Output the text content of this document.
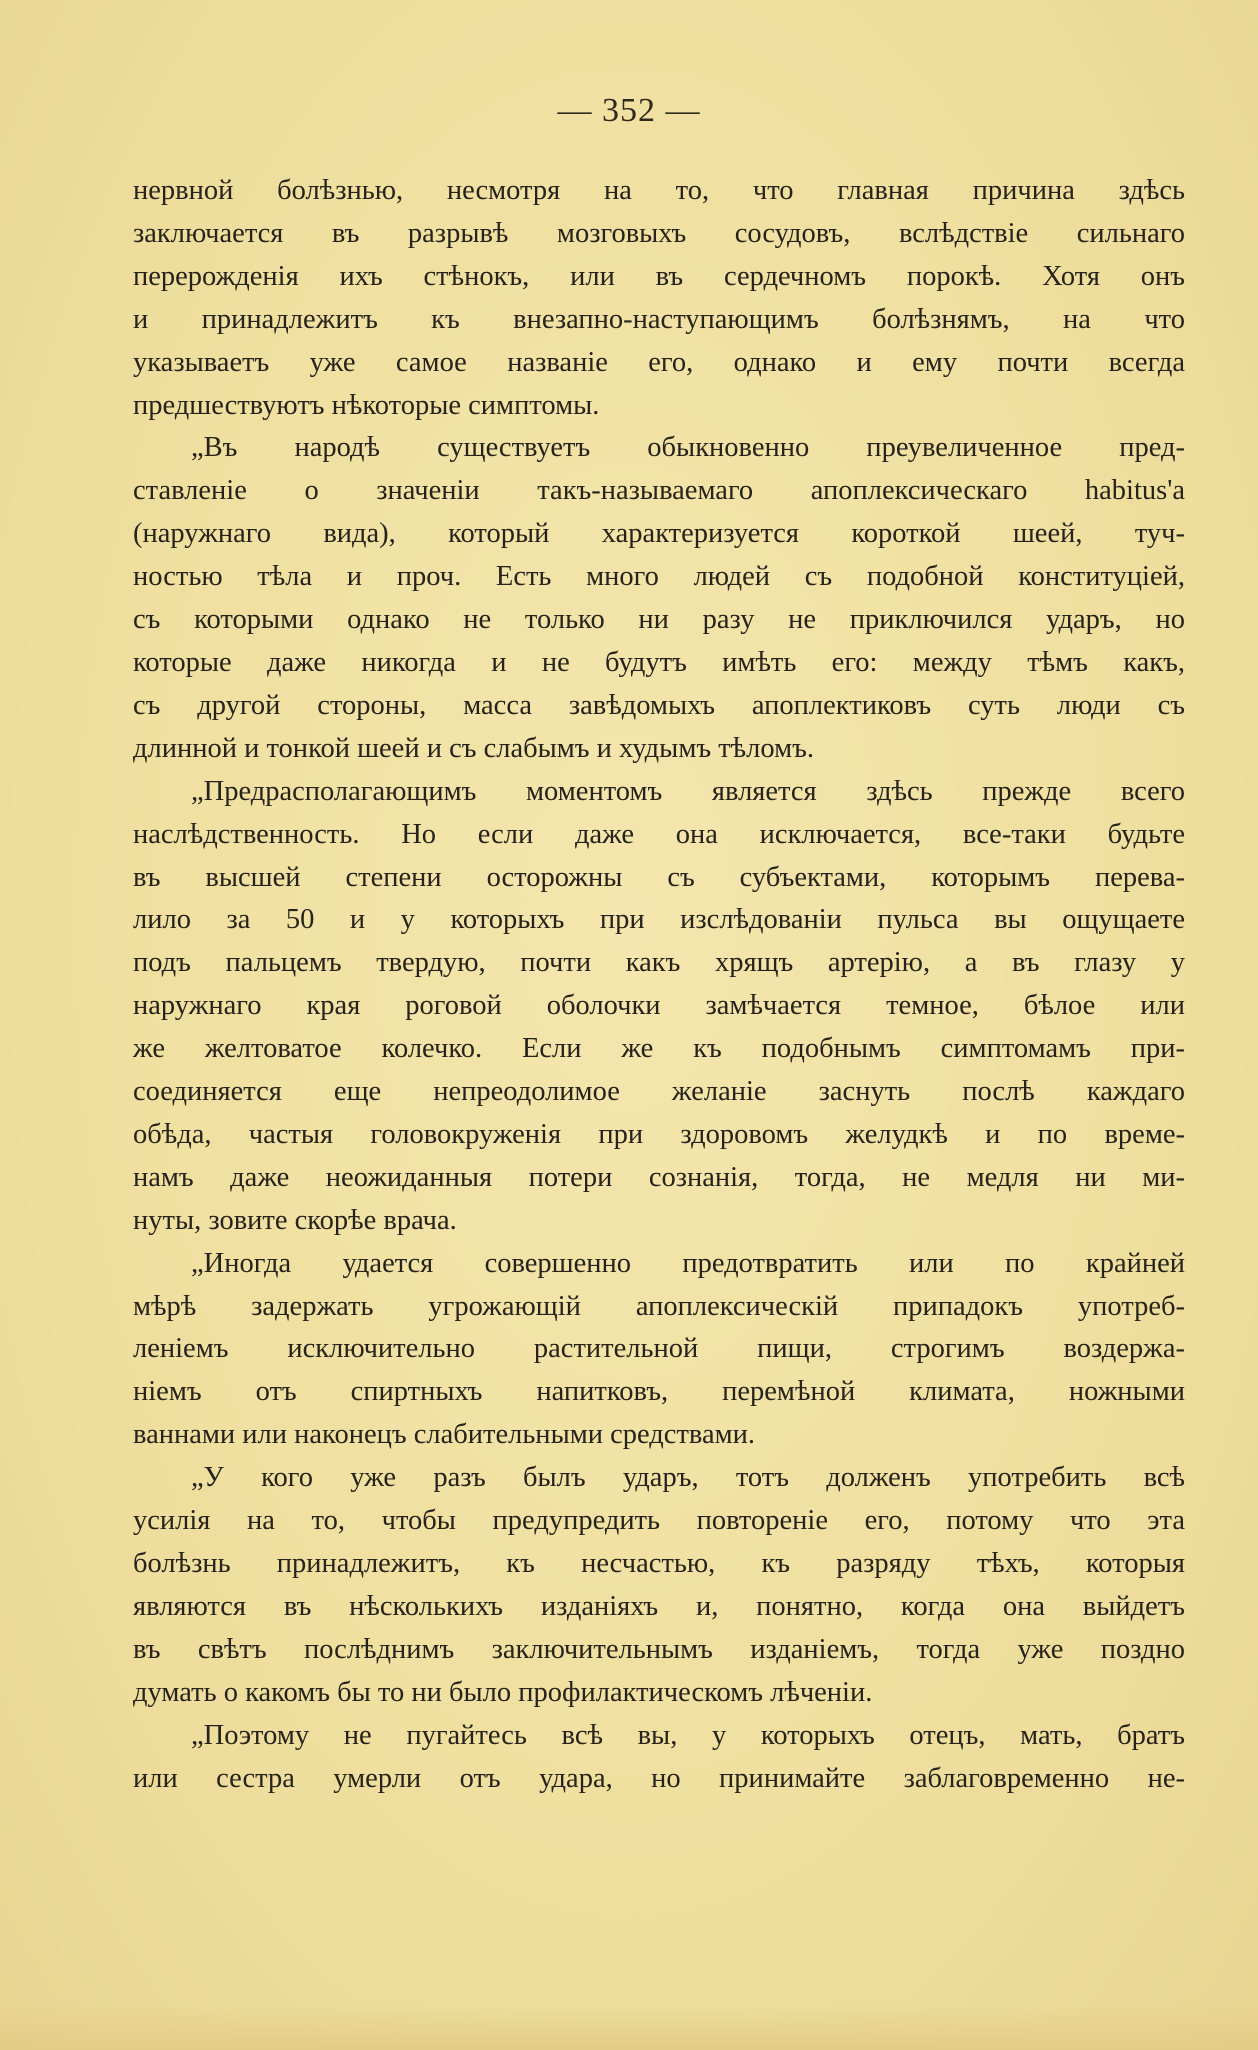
— 352 —
нервной болѣзнью, несмотря на то, что главная причина здѣсь
заключается въ разрывѣ мозговыхъ сосудовъ, вслѣдствіе сильнаго
перерожденія ихъ стѣнокъ, или въ сердечномъ порокѣ. Хотя онъ
и принадлежитъ къ внезапно-наступающимъ болѣзнямъ, на что
указываетъ уже самое названіе его, однако и ему почти всегда
предшествуютъ нѣкоторые симптомы.
„Въ народѣ существуетъ обыкновенно преувеличенное пред-
ставленіе о значеніи такъ-называемаго апоплексическаго habitus'а
(наружнаго вида), который характеризуется короткой шеей, туч-
ностью тѣла и проч. Есть много людей съ подобной конституціей,
съ которыми однако не только ни разу не приключился ударъ, но
которые даже никогда и не будутъ имѣть его: между тѣмъ какъ,
съ другой стороны, масса завѣдомыхъ апоплектиковъ суть люди съ
длинной и тонкой шеей и съ слабымъ и худымъ тѣломъ.
„Предрасполагающимъ моментомъ является здѣсь прежде всего
наслѣдственность. Но если даже она исключается, все-таки будьте
въ высшей степени осторожны съ субъектами, которымъ перева-
лило за 50 и у которыхъ при изслѣдованіи пульса вы ощущаете
подъ пальцемъ твердую, почти какъ хрящъ артерію, а въ глазу у
наружнаго края роговой оболочки замѣчается темное, бѣлое или
же желтоватое колечко. Если же къ подобнымъ симптомамъ при-
соединяется еще непреодолимое желаніе заснуть послѣ каждаго
обѣда, частыя головокруженія при здоровомъ желудкѣ и по време-
намъ даже неожиданныя потери сознанія, тогда, не медля ни ми-
нуты, зовите скорѣе врача.
„Иногда удается совершенно предотвратить или по крайней
мѣрѣ задержать угрожающій апоплексическій припадокъ употреб-
леніемъ исключительно растительной пищи, строгимъ воздержа-
ніемъ отъ спиртныхъ напитковъ, перемѣной климата, ножными
ваннами или наконецъ слабительными средствами.
„У кого уже разъ былъ ударъ, тотъ долженъ употребить всѣ
усилія на то, чтобы предупредить повтореніе его, потому что эта
болѣзнь принадлежитъ, къ несчастью, къ разряду тѣхъ, которыя
являются въ нѣсколькихъ изданіяхъ и, понятно, когда она выйдетъ
въ свѣтъ послѣднимъ заключительнымъ изданіемъ, тогда уже поздно
думать о какомъ бы то ни было профилактическомъ лѣченіи.
„Поэтому не пугайтесь всѣ вы, у которыхъ отецъ, мать, братъ
или сестра умерли отъ удара, но принимайте заблаговременно не-
